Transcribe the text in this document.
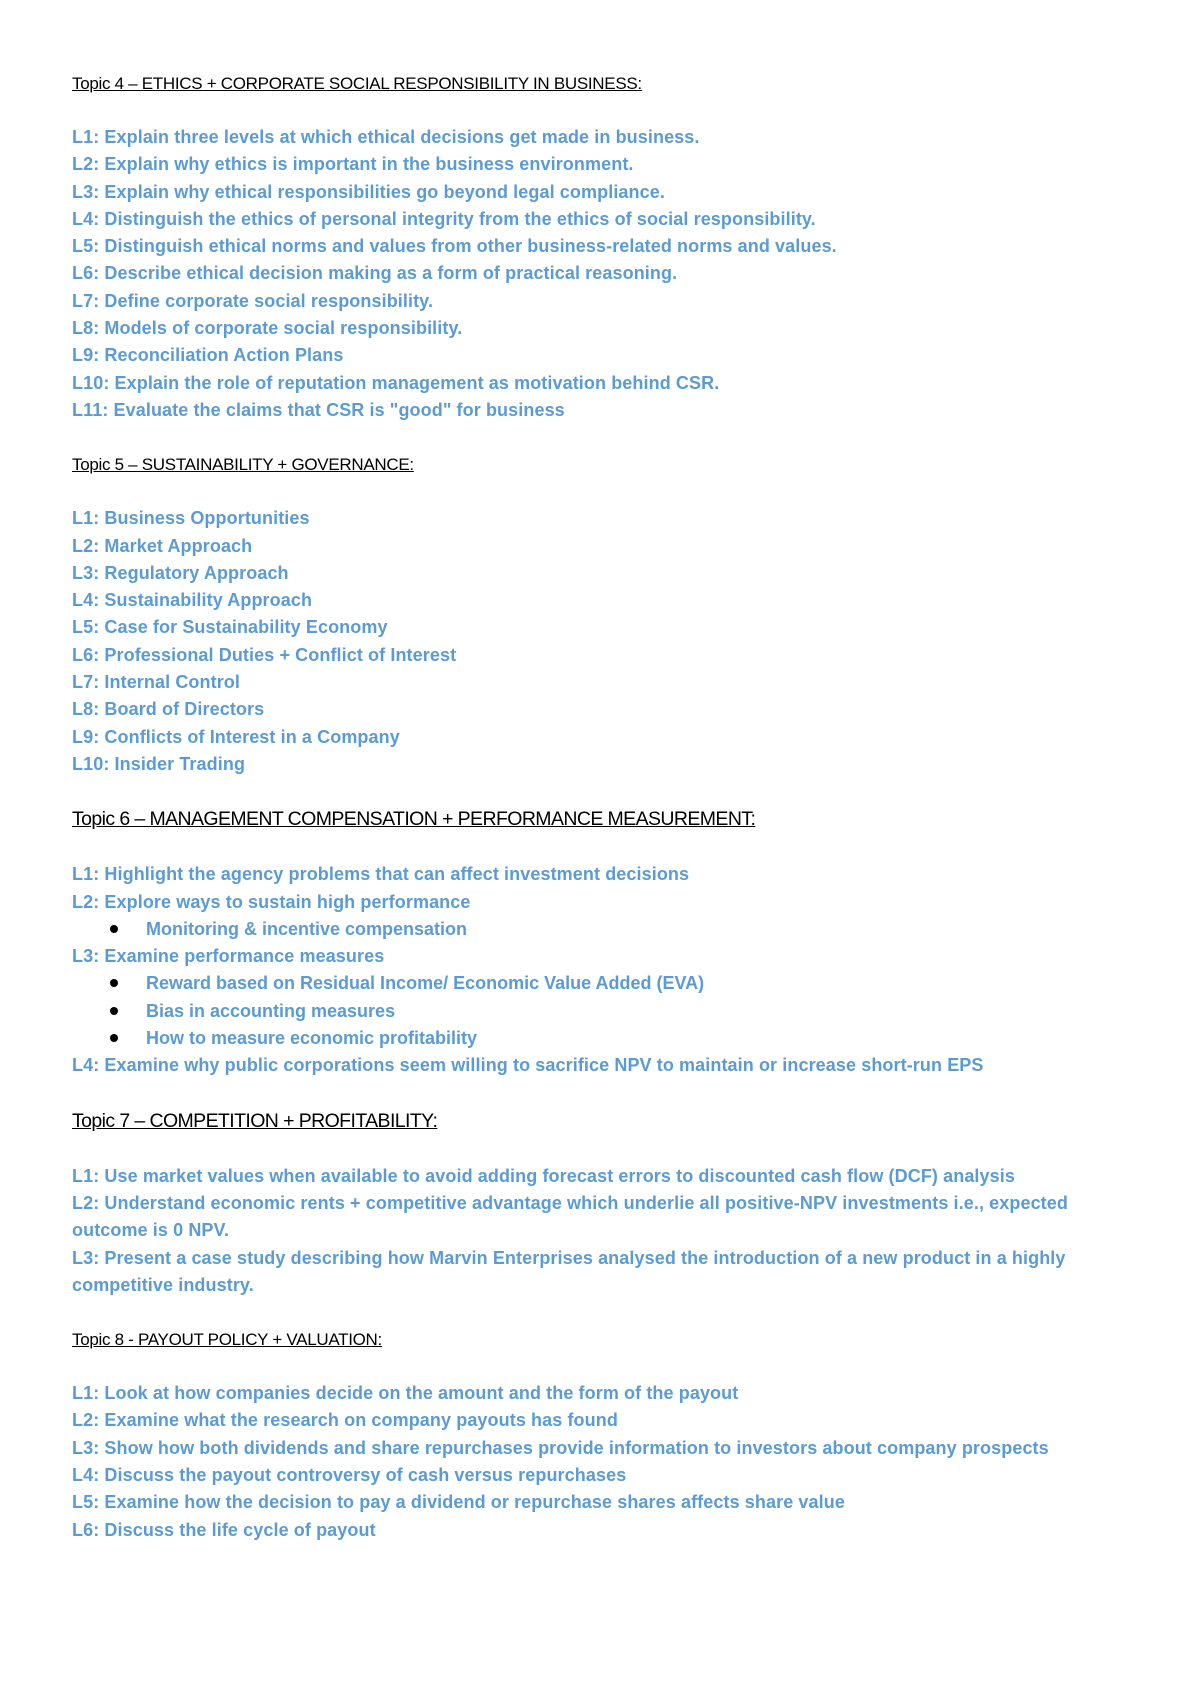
Topic 4 – ETHICS + CORPORATE SOCIAL RESPONSIBILITY IN BUSINESS:

L1: Explain three levels at which ethical decisions get made in business.

L2: Explain why ethics is important in the business environment.

L3: Explain why ethical responsibilities go beyond legal compliance.

L4: Distinguish the ethics of personal integrity from the ethics of social responsibility.

L5: Distinguish ethical norms and values from other business-related norms and values.

L6: Describe ethical decision making as a form of practical reasoning.

L7: Define corporate social responsibility.

L8: Models of corporate social responsibility.

L9: Reconciliation Action Plans

L10: Explain the role of reputation management as motivation behind CSR.

L11: Evaluate the claims that CSR is "good" for business

Topic 5 – SUSTAINABILITY + GOVERNANCE:

L1: Business Opportunities

L2: Market Approach

L3: Regulatory Approach

L4: Sustainability Approach

L5: Case for Sustainability Economy

L6: Professional Duties + Conflict of Interest

L7: Internal Control

L8: Board of Directors

L9: Conflicts of Interest in a Company

L10: Insider Trading

Topic 6 – MANAGEMENT COMPENSATION + PERFORMANCE MEASUREMENT:

L1: Highlight the agency problems that can affect investment decisions

L2: Explore ways to sustain high performance

Monitoring & incentive compensation

L3: Examine performance measures

Reward based on Residual Income/ Economic Value Added (EVA)

Bias in accounting measures

How to measure economic profitability

L4: Examine why public corporations seem willing to sacrifice NPV to maintain or increase short-run EPS

Topic 7 – COMPETITION + PROFITABILITY:

L1: Use market values when available to avoid adding forecast errors to discounted cash flow (DCF) analysis

L2: Understand economic rents + competitive advantage which underlie all positive-NPV investments i.e., expected

outcome is 0 NPV.

L3: Present a case study describing how Marvin Enterprises analysed the introduction of a new product in a highly

competitive industry.

Topic 8 - PAYOUT POLICY + VALUATION:

L1: Look at how companies decide on the amount and the form of the payout

L2: Examine what the research on company payouts has found

L3: Show how both dividends and share repurchases provide information to investors about company prospects

L4: Discuss the payout controversy of cash versus repurchases

L5: Examine how the decision to pay a dividend or repurchase shares affects share value

L6: Discuss the life cycle of payout
